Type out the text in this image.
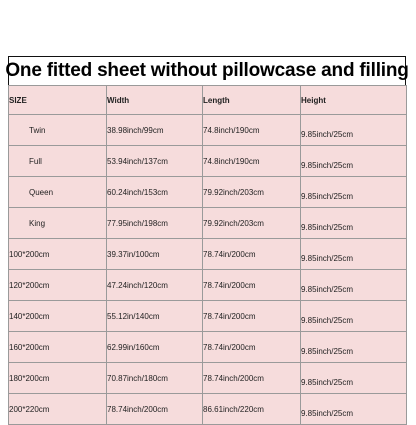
One fitted sheet without pillowcase and filling
SIZE	Width	Length	Height
Twin	38.98inch/99cm	74.8inch/190cm	9.85inch/25cm
Full	53.94inch/137cm	74.8inch/190cm	9.85inch/25cm
Queen	60.24inch/153cm	79.92inch/203cm	9.85inch/25cm
King	77.95inch/198cm	79.92inch/203cm	9.85inch/25cm
100*200cm	39.37in/100cm	78.74in/200cm	9.85inch/25cm
120*200cm	47.24inch/120cm	78.74in/200cm	9.85inch/25cm
140*200cm	55.12in/140cm	78.74in/200cm	9.85inch/25cm
160*200cm	62.99in/160cm	78.74in/200cm	9.85inch/25cm
180*200cm	70.87inch/180cm	78.74inch/200cm	9.85inch/25cm
200*220cm	78.74inch/200cm	86.61inch/220cm	9.85inch/25cm
